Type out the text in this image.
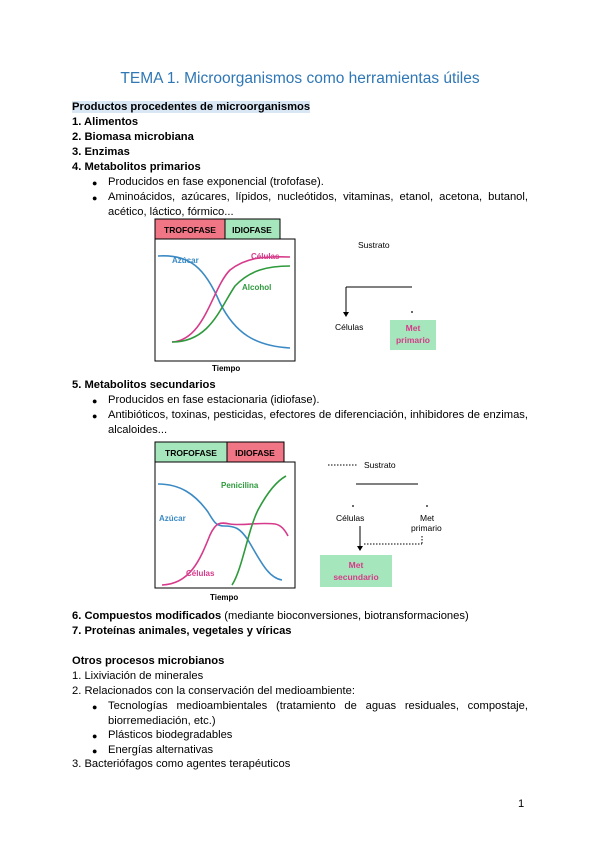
TEMA 1. Microorganismos como herramientas útiles
Productos procedentes de microorganismos
1. Alimentos
2. Biomasa microbiana
3. Enzimas
4. Metabolitos primarios
● Producidos en fase exponencial (trofofase).
● Aminoácidos, azúcares, lípidos, nucleótidos, vitaminas, etanol, acetona, butanol,
acético, láctico, fórmico...
TROFOFASE IDIOFASE
Azúcar	Células
Alcohol
Tiempo
Sustrato
Células	Met
primario
5. Metabolitos secundarios
● Producidos en fase estacionaria (idiofase).
● Antibióticos, toxinas, pesticidas, efectores de diferenciación, inhibidores de enzimas,
alcaloides...
TROFOFASE IDIOFASE
Penicilina
Azúcar
Células
Tiempo
Sustrato
Células	Met
primario
Met
secundario
6. Compuestos modificados (mediante bioconversiones, biotransformaciones)
7. Proteínas animales, vegetales y víricas
Otros procesos microbianos
1. Lixiviación de minerales
2. Relacionados con la conservación del medioambiente:
● Tecnologías medioambientales (tratamiento de aguas residuales, compostaje,
biorremediación, etc.)
● Plásticos biodegradables
● Energías alternativas
3. Bacteriófagos como agentes terapéuticos
1
